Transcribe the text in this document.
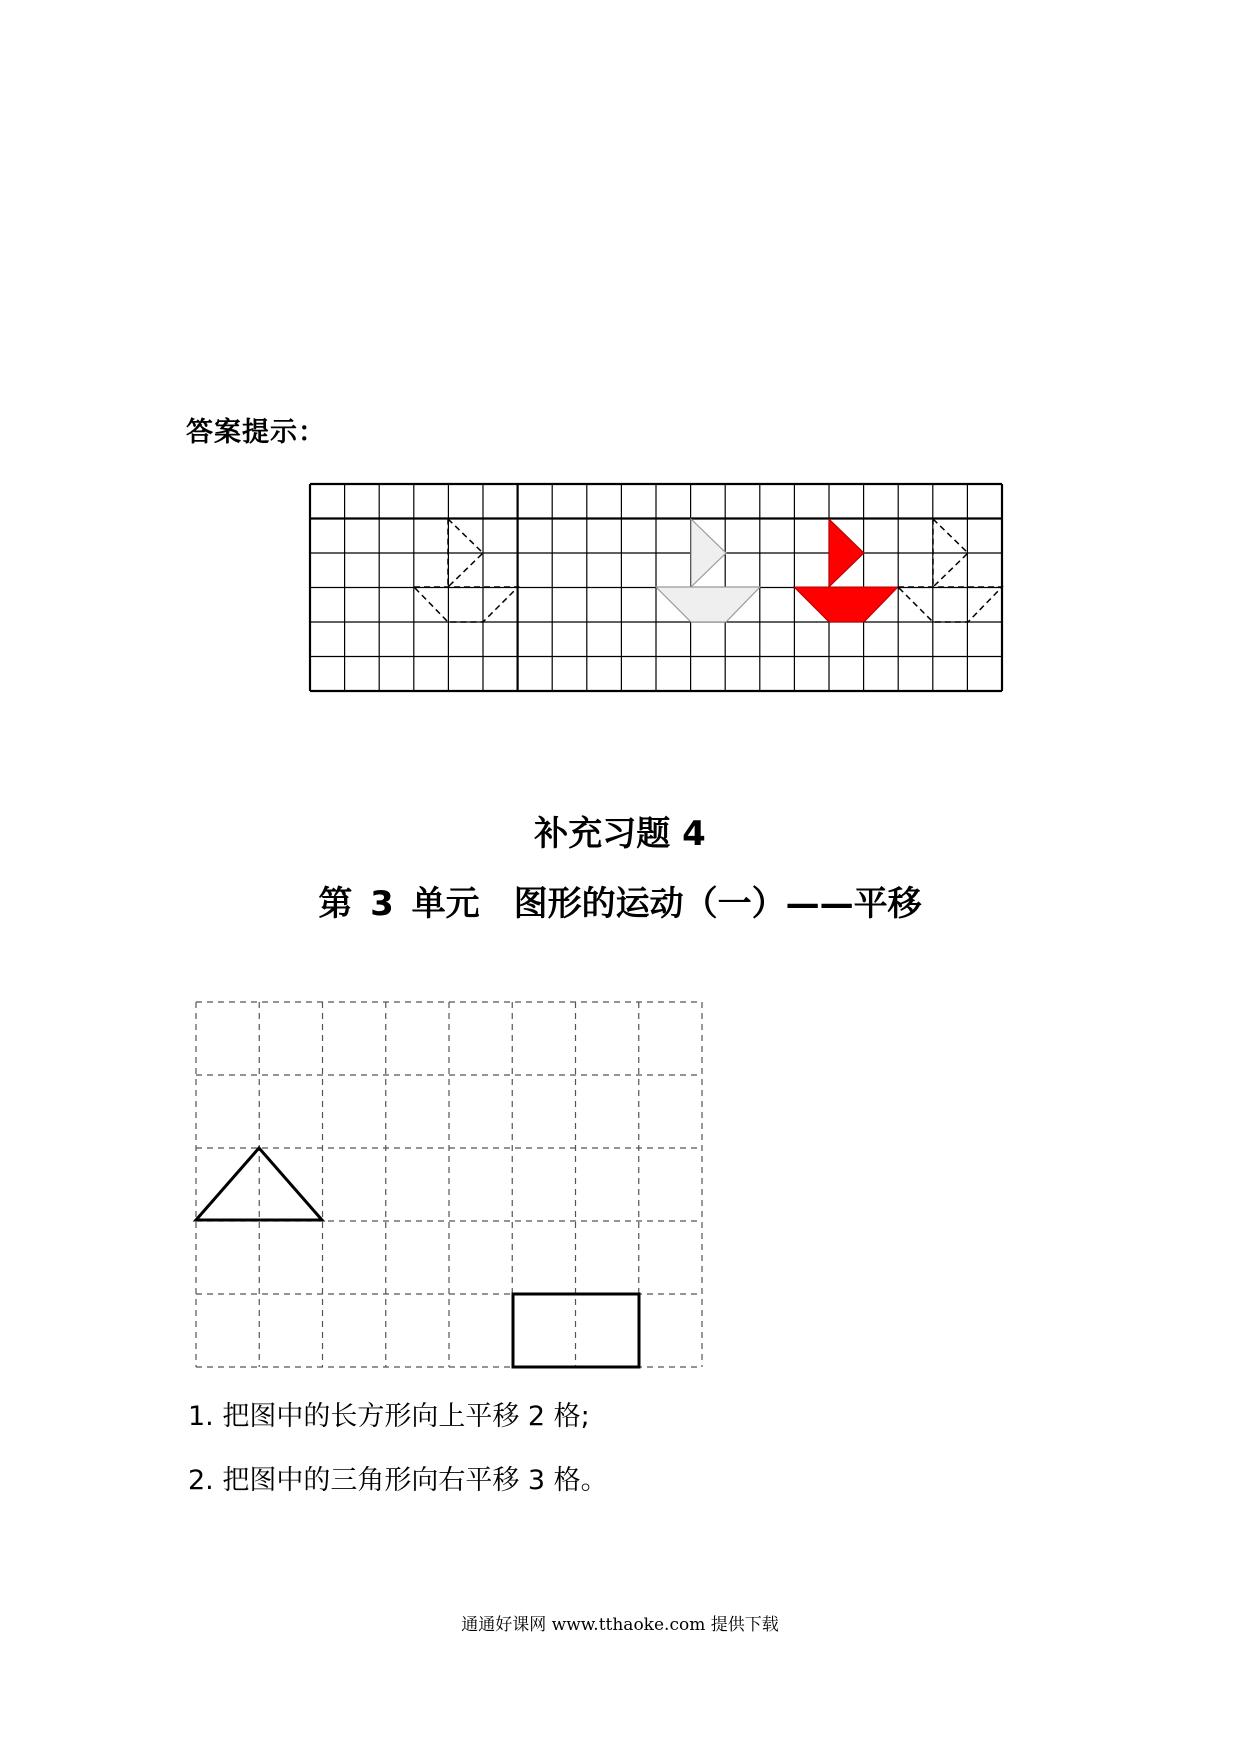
答案提示：
补充习题 4
第 3 单元　图形的运动（一）——平移
1. 把图中的长方形向上平移 2 格;
2. 把图中的三角形向右平移 3 格。
通通好课网 www.tthaoke.com 提供下载
